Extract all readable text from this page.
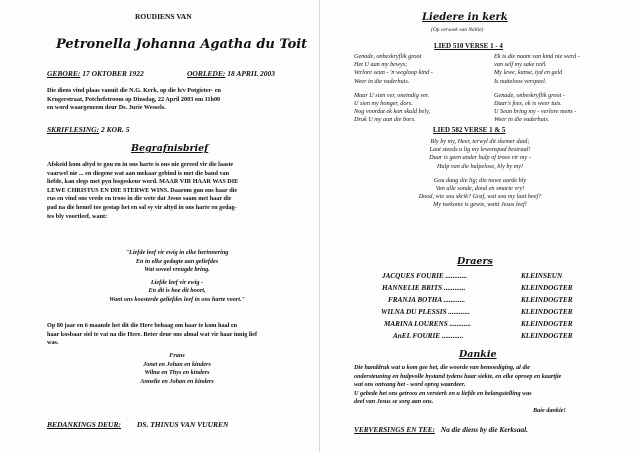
ROUDIENS VAN
Petronella Johanna Agatha du Toit
GEBORE: 17 OKTOBER 1922	OORLEDE: 18 APRIL 2003
Die diens vind plaas vanuit die N.G. Kerk, op die h/v Potgieter- en
Krugerstraat, Potchefstroom op Dinsdag, 22 April 2003 om 11h00
en word waargeneem deur Ds. Jurie Wessels.
SKRIFLESING: 2 KOR. 5
Begrafnisbrief
Afskeid kom altyd te gou en in ons harte is ons nie gereed vir die laaste
vaarwel nie ... en diegene wat aan mekaar gebind is met die band van
liefde, kan slegs met pyn losgeskeur word. MAAR VIR HAAR WAS DIE
LEWE CHRISTUS EN DIE STERWE WINS. Daarom gun ons haar die
rus en vind ons vrede en troos in die wete dat Jesus saam met haar die
pad na die hemel toe gestap het en sal sy vir altyd in ons harte en gedag-
tes bly voortleef, want:
"Liefde leef vir ewig in elke herinnering
En in elke gedagte aan geliefdes
Wat soveel vreugde bring.
Liefde leef vir ewig -
En dit is hoe dit hoort,
Want ons koesterde geliefdes leef in ons harte voort."
Op 80 jaar en 6 maande het dit die Here behaag om haar te kom haal en
haar kosbaar siel te vat na die Here. Beter deur ons almal wat vir haar innig lief
was.
Frans
Jonet en Johan en kinders
Wilna en Thys en kinders
Annelie en Johan en kinders
BEDANKINGS DEUR: DS. THINUS VAN VUUREN
Liedere in kerk
(Op versoek van Nellie)
LIED 510 VERSE 1 - 4
Genade, onbeskryflik groot
Het U aan my bewys;
Verlore seun - 'n wegloop kind -
Weer in die vaderhuis.
Maar U sien ver, oneindig ver.
U sien my honger, dors.
Nog voordat ek kon skuld bely,
Druk U my aan die bors.
Ek is die naam van kind nie werd -
van self my sake reël.
My lewe, kanse, tyd en geld
Is nutteloos verspeel.
Genade, onbeskryflik groot -
Daar's fees, ek is weer tuis.
U Seun bring my - verlore mens -
Weer in die vaderhuis.
LIED 582 VERSE 1 & 5
Bly by my, Heer, terwyl dit skemer daal;
Laat steeds u lig my lewenspad bestraal!
Daar is geen ander hulp of troos vir my -
Hulp van die hulpelose, bly by my!
Gou daag die lig; die nuwe aarde bly
Van alle sonde, dood en smarte vry!
Dood, wie sou skrik? Graf, wat sou my laat beef?
My toekoms is gewis, want Jesus leef!
Draers
JACQUES FOURIE ............	KLEINSEUN
HANNELIE BRITS ............	KLEINDOGTER
FRANJA BOTHA ............	KLEINDOGTER
WILNA DU PLESSIS ............	KLEINDOGTER
MARINA LOURENS ............	KLEINDOGTER
AnEL FOURIE ............	KLEINDOGTER
Dankie
Die handdruk wat u kom gee het, die woorde van bemoediging, al die
ondersteuning en hulpvolle bystand tydens haar siekte, en elke oproep en kaartjie
wat ons ontvang het - word opreg waardeer.
U gebede het ons getroos en versterk en u liefde en belangstelling was
deel van Jesus se sorg aan ons.
Baie dankie!
VERVERSINGS EN TEE: Na die diens by die Kerksaal.
